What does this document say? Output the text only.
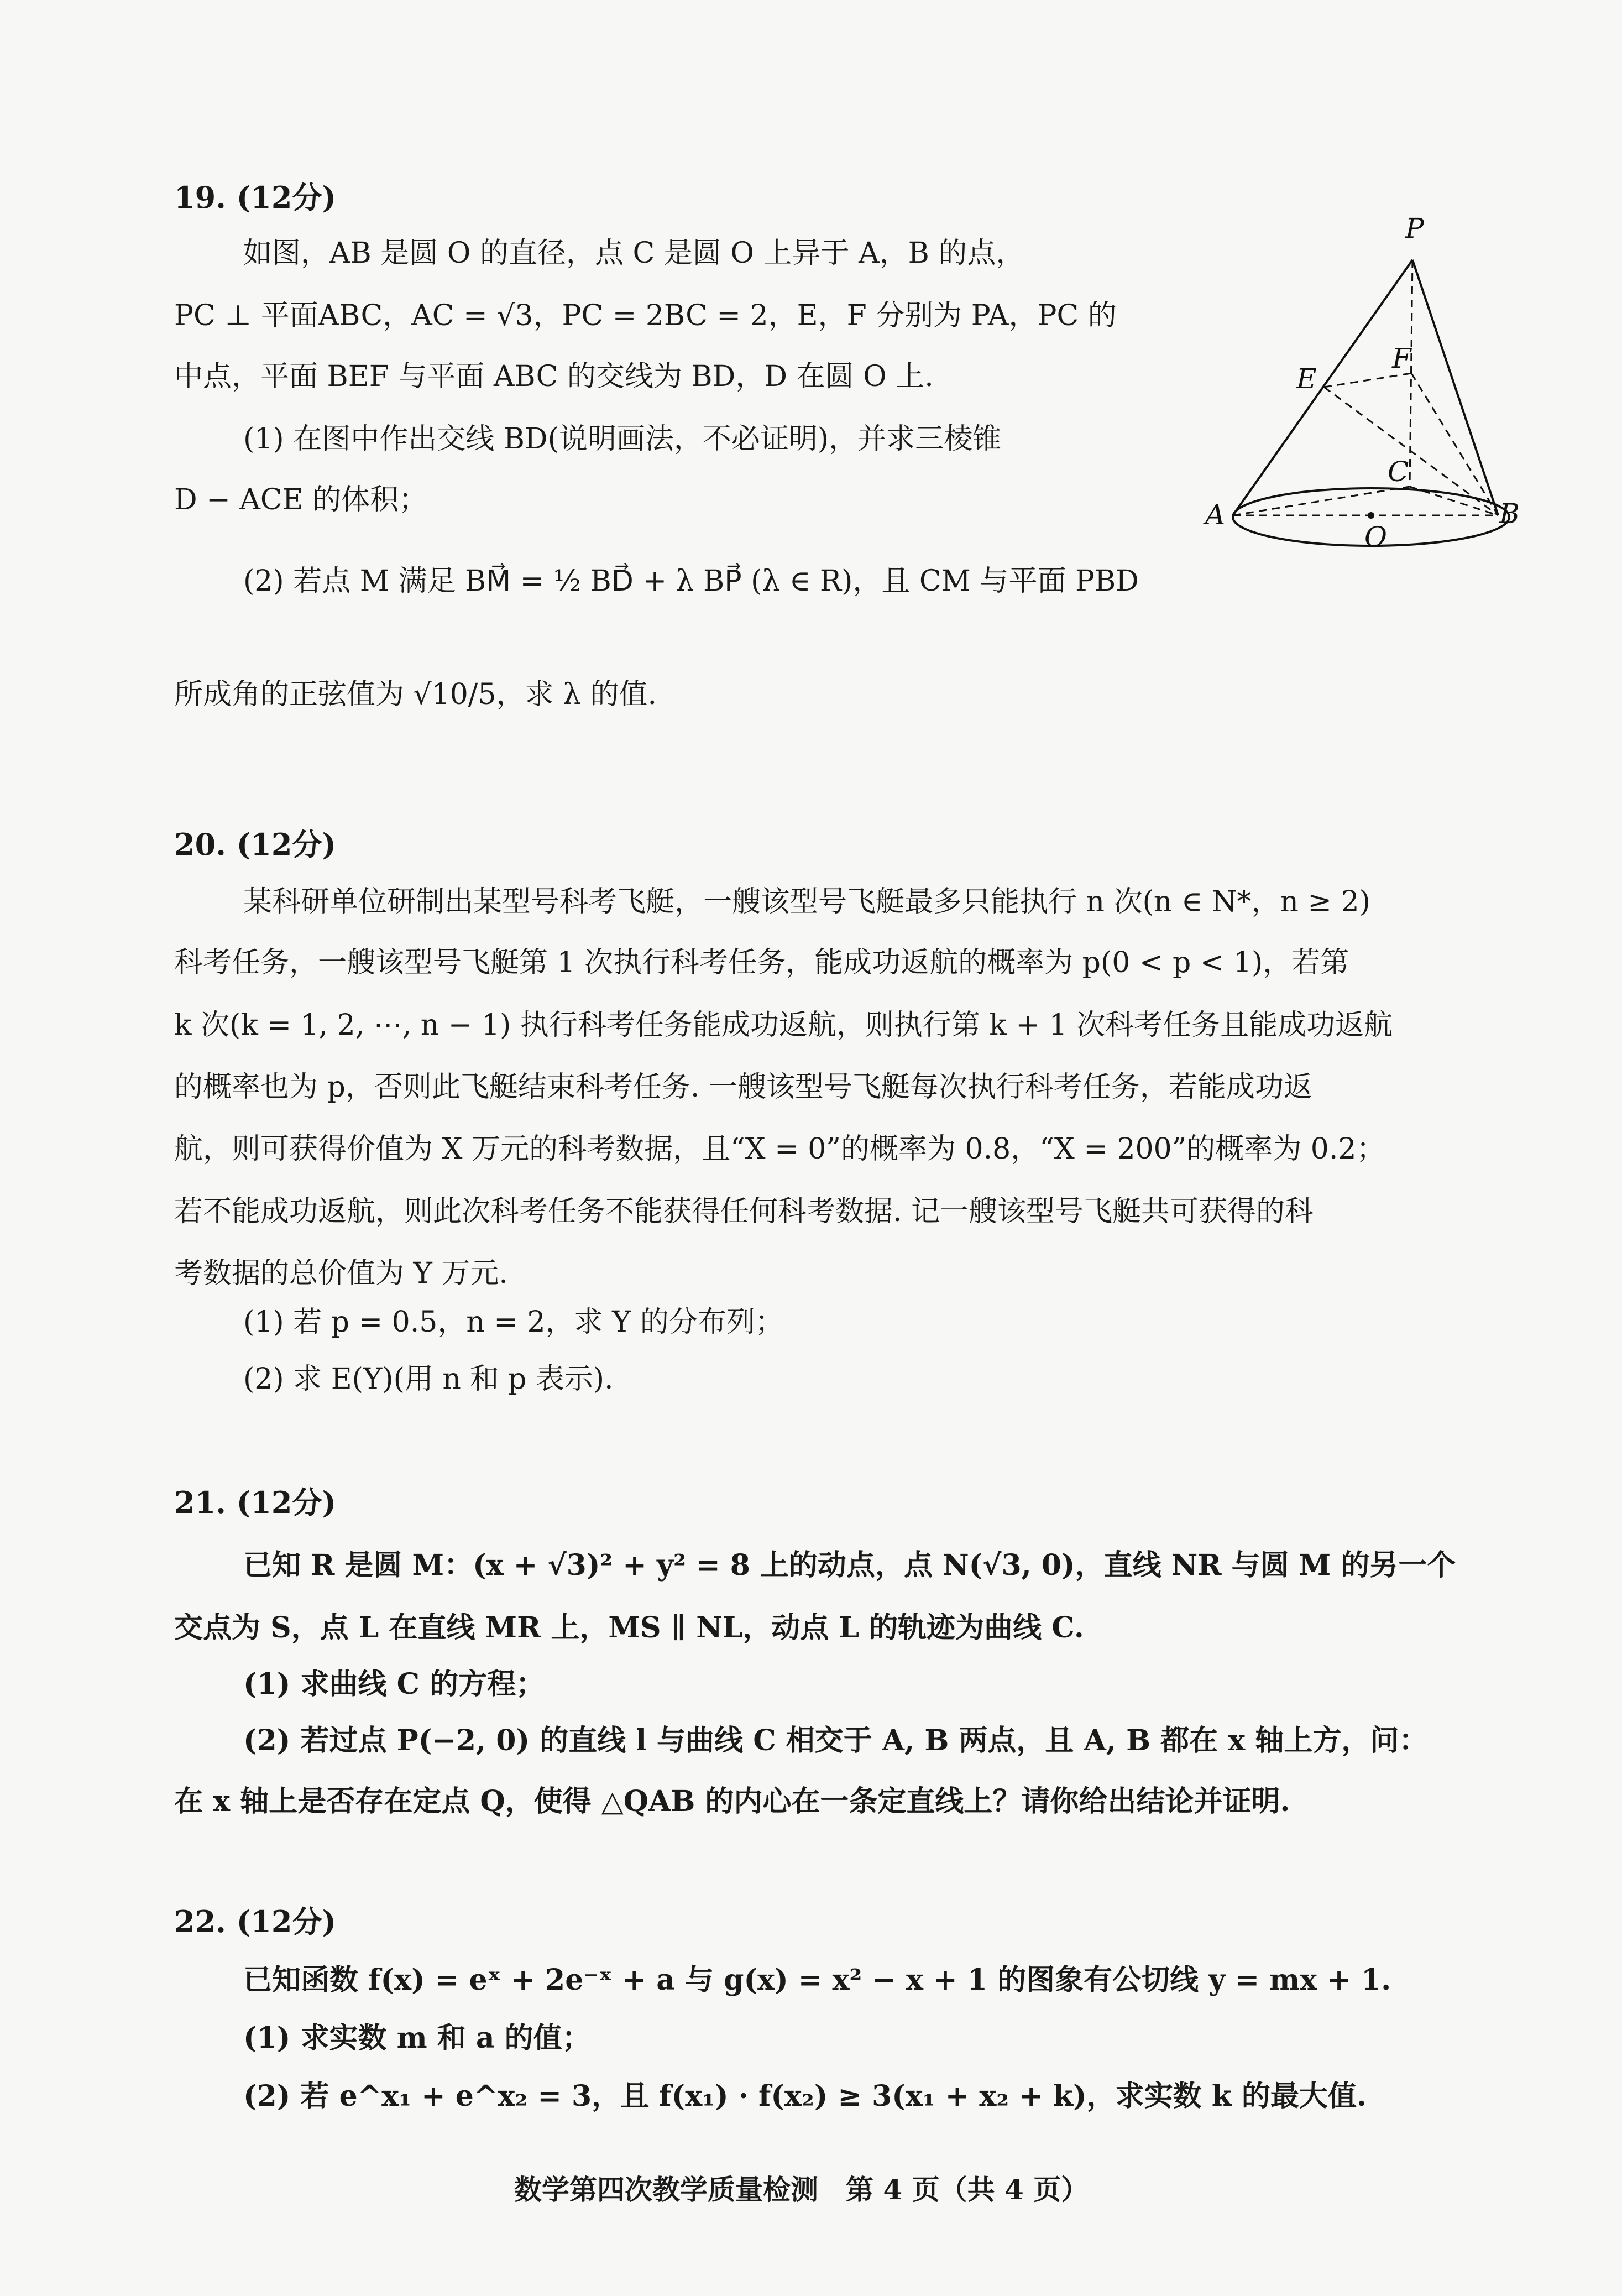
19. (12分)
如图，AB 是圆 O 的直径，点 C 是圆 O 上异于 A，B 的点，
PC ⊥ 平面ABC，AC = √3，PC = 2BC = 2，E，F 分别为 PA，PC 的
中点，平面 BEF 与平面 ABC 的交线为 BD，D 在圆 O 上.
(1) 在图中作出交线 BD(说明画法，不必证明)，并求三棱锥
D − ACE 的体积；
(2) 若点 M 满足 BM⃗ = ½ BD⃗ + λ BP⃗ (λ ∈ R)，且 CM 与平面 PBD
所成角的正弦值为 √10/5，求 λ 的值.
P
E
F
C
A
O
B
20. (12分)
某科研单位研制出某型号科考飞艇，一艘该型号飞艇最多只能执行 n 次(n ∈ N*，n ≥ 2)
科考任务，一艘该型号飞艇第 1 次执行科考任务，能成功返航的概率为 p(0 < p < 1)，若第
k 次(k = 1, 2, ⋯, n − 1) 执行科考任务能成功返航，则执行第 k + 1 次科考任务且能成功返航
的概率也为 p，否则此飞艇结束科考任务. 一艘该型号飞艇每次执行科考任务，若能成功返
航，则可获得价值为 X 万元的科考数据，且“X = 0”的概率为 0.8，“X = 200”的概率为 0.2；
若不能成功返航，则此次科考任务不能获得任何科考数据. 记一艘该型号飞艇共可获得的科
考数据的总价值为 Y 万元.
(1) 若 p = 0.5，n = 2，求 Y 的分布列；
(2) 求 E(Y)(用 n 和 p 表示).
21. (12分)
已知 R 是圆 M：(x + √3)² + y² = 8 上的动点，点 N(√3, 0)，直线 NR 与圆 M 的另一个
交点为 S，点 L 在直线 MR 上，MS ∥ NL，动点 L 的轨迹为曲线 C.
(1) 求曲线 C 的方程；
(2) 若过点 P(−2, 0) 的直线 l 与曲线 C 相交于 A, B 两点，且 A, B 都在 x 轴上方，问：
在 x 轴上是否存在定点 Q，使得 △QAB 的内心在一条定直线上？请你给出结论并证明.
22. (12分)
已知函数 f(x) = eˣ + 2e⁻ˣ + a 与 g(x) = x² − x + 1 的图象有公切线 y = mx + 1.
(1) 求实数 m 和 a 的值；
(2) 若 e^x₁ + e^x₂ = 3，且 f(x₁) · f(x₂) ≥ 3(x₁ + x₂ + k)，求实数 k 的最大值.
数学第四次教学质量检测　第 4 页（共 4 页）
